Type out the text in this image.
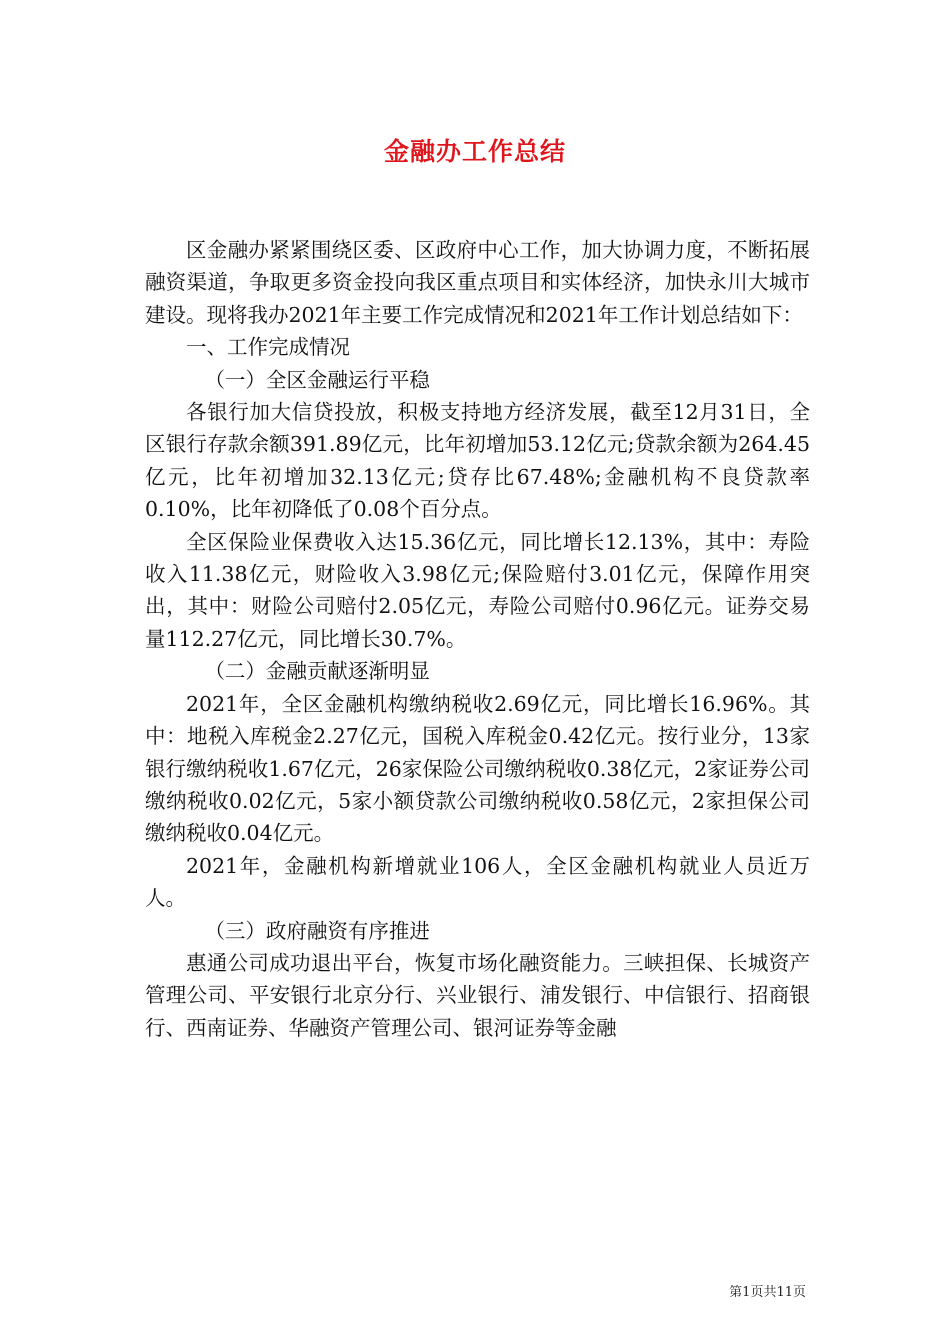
金融办工作总结

区金融办紧紧围绕区委、区政府中心工作，加大协调力度，不断拓展融资渠道，争取更多资金投向我区重点项目和实体经济，加快永川大城市建设。现将我办2021年主要工作完成情况和2021年工作计划总结如下：

一、工作完成情况

（一）全区金融运行平稳

各银行加大信贷投放，积极支持地方经济发展，截至12月31日，全区银行存款余额391.89亿元，比年初增加53.12亿元;贷款余额为264.45亿元，比年初增加32.13亿元;贷存比67.48%;金融机构不良贷款率0.10%，比年初降低了0.08个百分点。

全区保险业保费收入达15.36亿元，同比增长12.13%，其中：寿险收入11.38亿元，财险收入3.98亿元;保险赔付3.01亿元，保障作用突出，其中：财险公司赔付2.05亿元，寿险公司赔付0.96亿元。证券交易量112.27亿元，同比增长30.7%。

（二）金融贡献逐渐明显

2021年，全区金融机构缴纳税收2.69亿元，同比增长16.96%。其中：地税入库税金2.27亿元，国税入库税金0.42亿元。按行业分，13家银行缴纳税收1.67亿元，26家保险公司缴纳税收0.38亿元，2家证券公司缴纳税收0.02亿元，5家小额贷款公司缴纳税收0.58亿元，2家担保公司缴纳税收0.04亿元。

2021年，金融机构新增就业106人，全区金融机构就业人员近万人。

（三）政府融资有序推进

惠通公司成功退出平台，恢复市场化融资能力。三峡担保、长城资产管理公司、平安银行北京分行、兴业银行、浦发银行、中信银行、招商银行、西南证券、华融资产管理公司、银河证券等金融

第1页共11页
